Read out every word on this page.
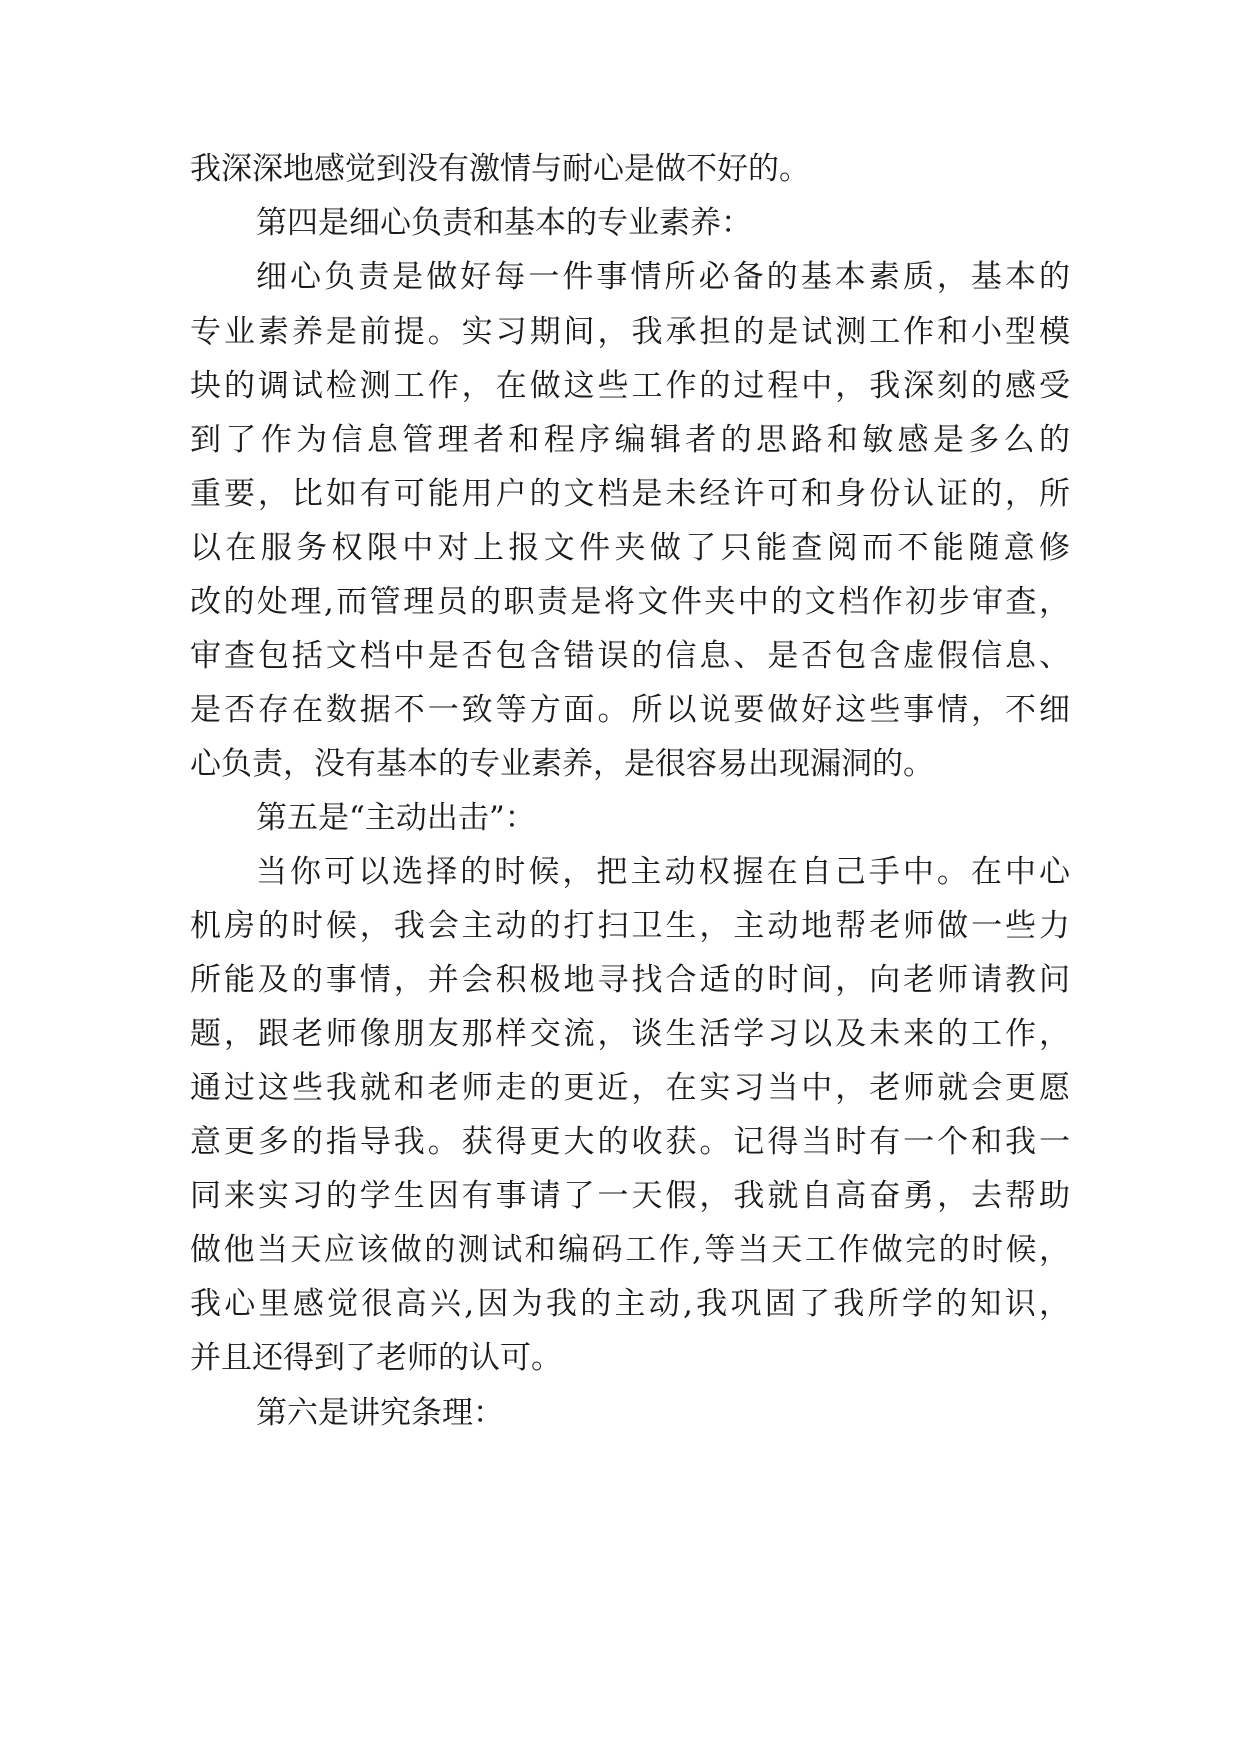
我深深地感觉到没有激情与耐心是做不好的。
第四是细心负责和基本的专业素养：
细心负责是做好每一件事情所必备的基本素质，基本的
专业素养是前提。实习期间，我承担的是试测工作和小型模
块的调试检测工作，在做这些工作的过程中，我深刻的感受
到了作为信息管理者和程序编辑者的思路和敏感是多么的
重要，比如有可能用户的文档是未经许可和身份认证的，所
以在服务权限中对上报文件夹做了只能查阅而不能随意修
改的处理,而管理员的职责是将文件夹中的文档作初步审查，
审查包括文档中是否包含错误的信息、是否包含虚假信息、
是否存在数据不一致等方面。所以说要做好这些事情，不细
心负责，没有基本的专业素养，是很容易出现漏洞的。
第五是“主动出击”：
当你可以选择的时候，把主动权握在自己手中。在中心
机房的时候，我会主动的打扫卫生，主动地帮老师做一些力
所能及的事情，并会积极地寻找合适的时间，向老师请教问
题，跟老师像朋友那样交流，谈生活学习以及未来的工作，
通过这些我就和老师走的更近，在实习当中，老师就会更愿
意更多的指导我。获得更大的收获。记得当时有一个和我一
同来实习的学生因有事请了一天假，我就自高奋勇，去帮助
做他当天应该做的测试和编码工作,等当天工作做完的时候，
我心里感觉很高兴,因为我的主动,我巩固了我所学的知识，
并且还得到了老师的认可。
第六是讲究条理：
